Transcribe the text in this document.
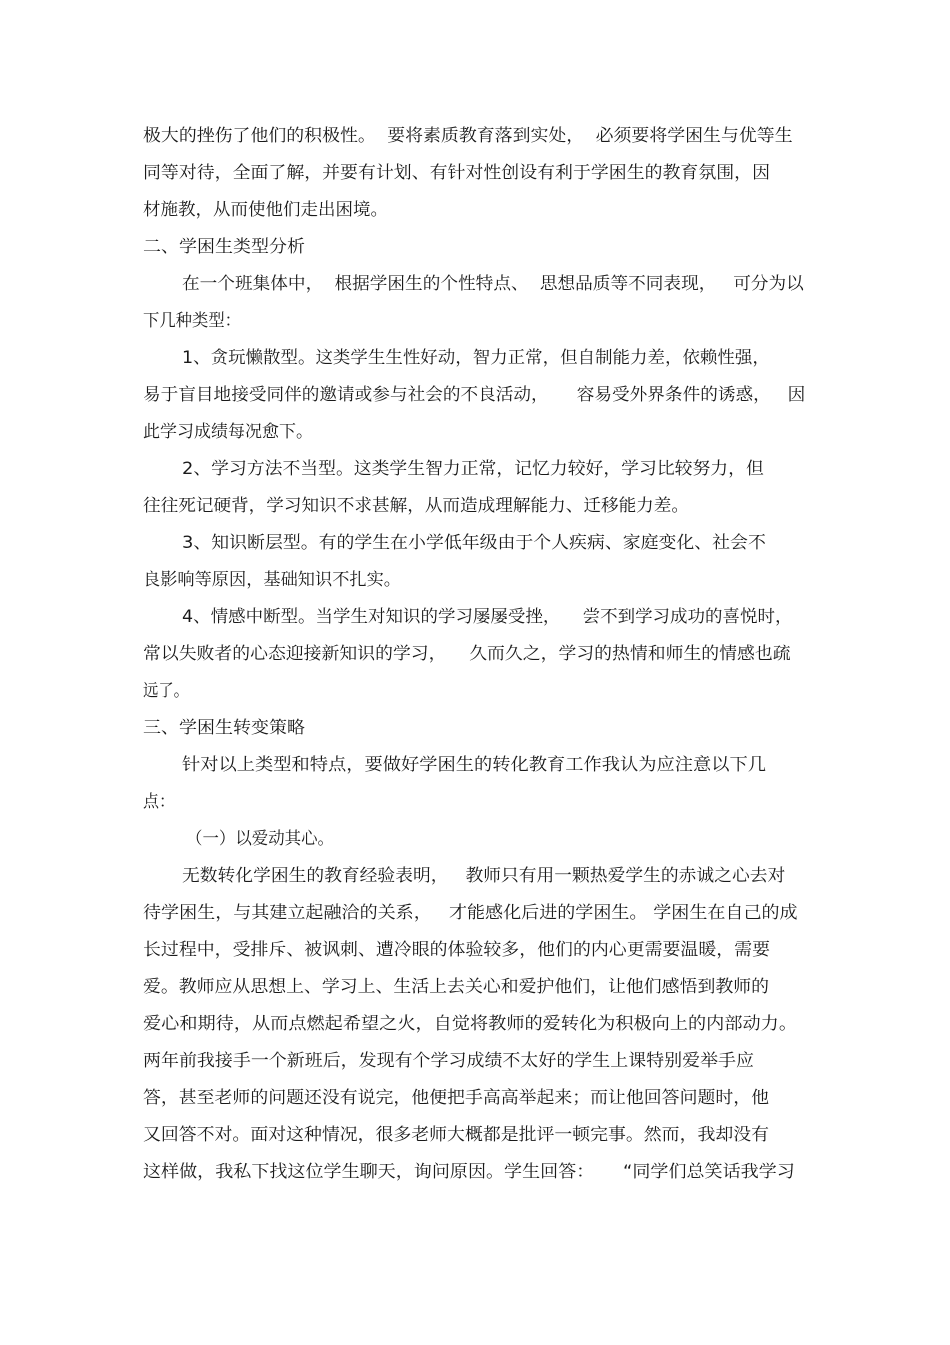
极大的挫伤了他们的积极性。  要将素质教育落到实处，  必须要将学困生与优等生
同等对待，全面了解，并要有计划、有针对性创设有利于学困生的教育氛围，因
材施教，从而使他们走出困境。
二、学困生类型分析
在一个班集体中，  根据学困生的个性特点、  思想品质等不同表现，   可分为以
下几种类型：
1、贪玩懒散型。这类学生生性好动，智力正常，但自制能力差，依赖性强，
易于盲目地接受同伴的邀请或参与社会的不良活动，     容易受外界条件的诱惑，   因
此学习成绩每况愈下。
2、学习方法不当型。这类学生智力正常，记忆力较好，学习比较努力，但
往往死记硬背，学习知识不求甚解，从而造成理解能力、迁移能力差。
3、知识断层型。有的学生在小学低年级由于个人疾病、家庭变化、社会不
良影响等原因，基础知识不扎实。
4、情感中断型。当学生对知识的学习屡屡受挫，    尝不到学习成功的喜悦时，
常以失败者的心态迎接新知识的学习，    久而久之，学习的热情和师生的情感也疏
远了。
三、学困生转变策略
针对以上类型和特点，要做好学困生的转化教育工作我认为应注意以下几
点：
（一）以爱动其心。
无数转化学困生的教育经验表明，   教师只有用一颗热爱学生的赤诚之心去对
待学困生，与其建立起融洽的关系，   才能感化后进的学困生。 学困生在自己的成
长过程中，受排斥、被讽刺、遭冷眼的体验较多，他们的内心更需要温暖，需要
爱。教师应从思想上、学习上、生活上去关心和爱护他们，让他们感悟到教师的
爱心和期待，从而点燃起希望之火，自觉将教师的爱转化为积极向上的内部动力。
两年前我接手一个新班后，发现有个学习成绩不太好的学生上课特别爱举手应
答，甚至老师的问题还没有说完，他便把手高高举起来；而让他回答问题时，他
又回答不对。面对这种情况，很多老师大概都是批评一顿完事。然而，我却没有
这样做，我私下找这位学生聊天，询问原因。学生回答：     “同学们总笑话我学习
